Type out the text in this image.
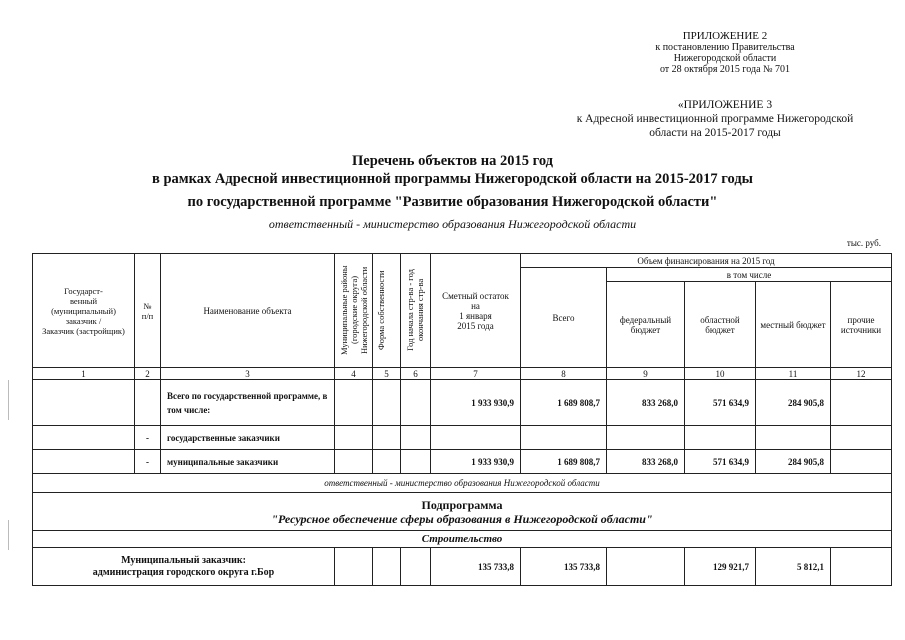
ПРИЛОЖЕНИЕ 2
к постановлению Правительства
Нижегородской области
от 28 октября 2015 года № 701
«ПРИЛОЖЕНИЕ 3
к Адресной инвестиционной программе Нижегородской
области на 2015-2017 годы
Перечень объектов на 2015 год
в рамках Адресной инвестиционной программы Нижегородской области на 2015-2017 годы
по государственной программе "Развитие образования Нижегородской области"
ответственный - министерство образования Нижегородской области
тыс. руб.
Государст-
венный
(муниципальный)
заказчик /
Заказчик (застройщик)	№
п/п	Наименование объекта	Муниципальные районы (городские округа) Нижегородской области	Форма собственности	Год начала стр-ва - год окончания стр-ва	Сметный остаток
на
1 января
2015 года	Объем финансирования на 2015 год				
							Всего	в том числе			
								федеральный бюджет	областной бюджет	местный бюджет	прочие источники
1	2	3	4	5	6	7	8	9	10	11	12
		Всего по государственной программе, в том числе:				1 933 930,9	1 689 808,7	833 268,0	571 634,9	284 905,8	
	-	государственные заказчики									
	-	муниципальные заказчики				1 933 930,9	1 689 808,7	833 268,0	571 634,9	284 905,8	
ответственный - министерство образования Нижегородской области											

Подпрограмма
"Ресурсное обеспечение сферы образования в Нижегородской области"											

Строительство											

Муниципальный заказчик:
администрация городского округа г.Бор						135 733,8	135 733,8		129 921,7	5 812,1	
